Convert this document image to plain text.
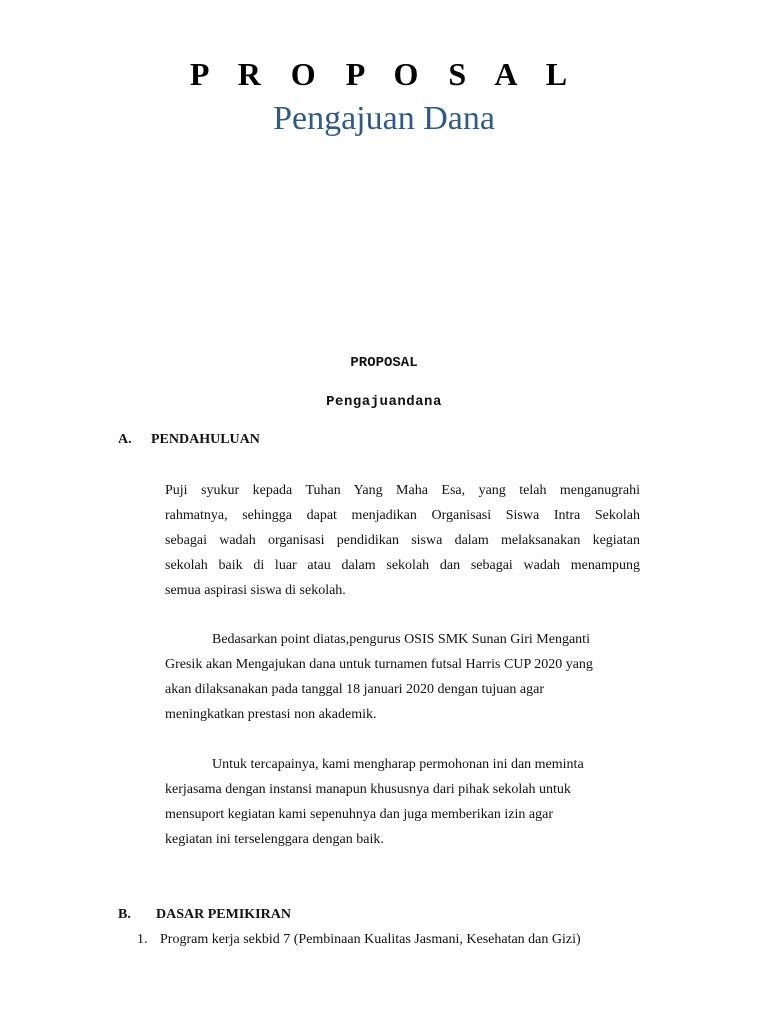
P R O P O S A L
Pengajuan Dana
PROPOSAL
Pengajuandana
A. PENDAHULUAN
Puji syukur kepada Tuhan Yang Maha Esa, yang telah menganugrahi
rahmatnya, sehingga dapat menjadikan Organisasi Siswa Intra Sekolah
sebagai wadah organisasi pendidikan siswa dalam melaksanakan kegiatan
sekolah baik di luar atau dalam sekolah dan sebagai wadah menampung
semua aspirasi siswa di sekolah.
Bedasarkan point diatas,pengurus OSIS SMK Sunan Giri Menganti
Gresik akan Mengajukan dana untuk turnamen futsal Harris CUP 2020 yang
akan dilaksanakan pada tanggal 18 januari 2020 dengan tujuan agar
meningkatkan prestasi non akademik.
Untuk tercapainya, kami mengharap permohonan ini dan meminta
kerjasama dengan instansi manapun khususnya dari pihak sekolah untuk
mensuport kegiatan kami sepenuhnya dan juga memberikan izin agar
kegiatan ini terselenggara dengan baik.
B. DASAR PEMIKIRAN
1. Program kerja sekbid 7 (Pembinaan Kualitas Jasmani, Kesehatan dan Gizi)
